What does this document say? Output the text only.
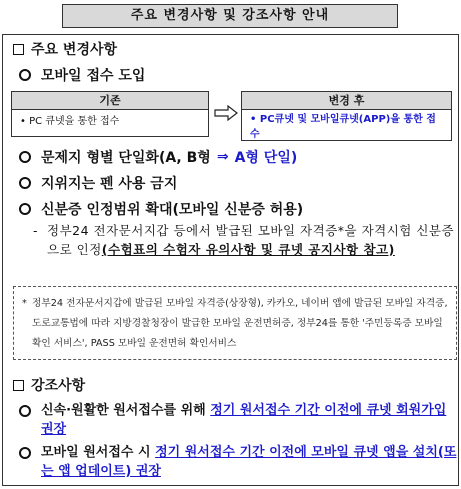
주요 변경사항 및 강조사항 안내
주요 변경사항
모바일 접수 도입
기존
• PC 큐넷을 통한 접수
변경 후
• PC큐넷 및 모바일큐넷(APP)을 통한 접수
문제지 형별 단일화(A, B형 ⇒ A형 단일)
지위지는 펜 사용 금지
신분증 인정범위 확대(모바일 신분증 허용)
- 정부24 전자문서지갑 등에서 발급된 모바일 자격증*을 자격시험 신분증으로 인정(수험표의 수험자 유의사항 및 큐넷 공지사항 참고)
* 정부24 전자문서지갑에 발급된 모바일 자격증(상장형), 카카오, 네이버 앱에 발급된 모바일 자격증, 도로교통법에 따라 지방경찰청장이 발급한 모바일 운전면허증, 정부24를 통한 '주민등록증 모바일확인 서비스', PASS 모바일 운전면허 확인서비스
강조사항
신속·원활한 원서접수를 위해 정기 원서접수 기간 이전에 큐넷 회원가입 권장
모바일 원서접수 시 정기 원서접수 기간 이전에 모바일 큐넷 앱을 설치(또는 앱 업데이트) 권장
